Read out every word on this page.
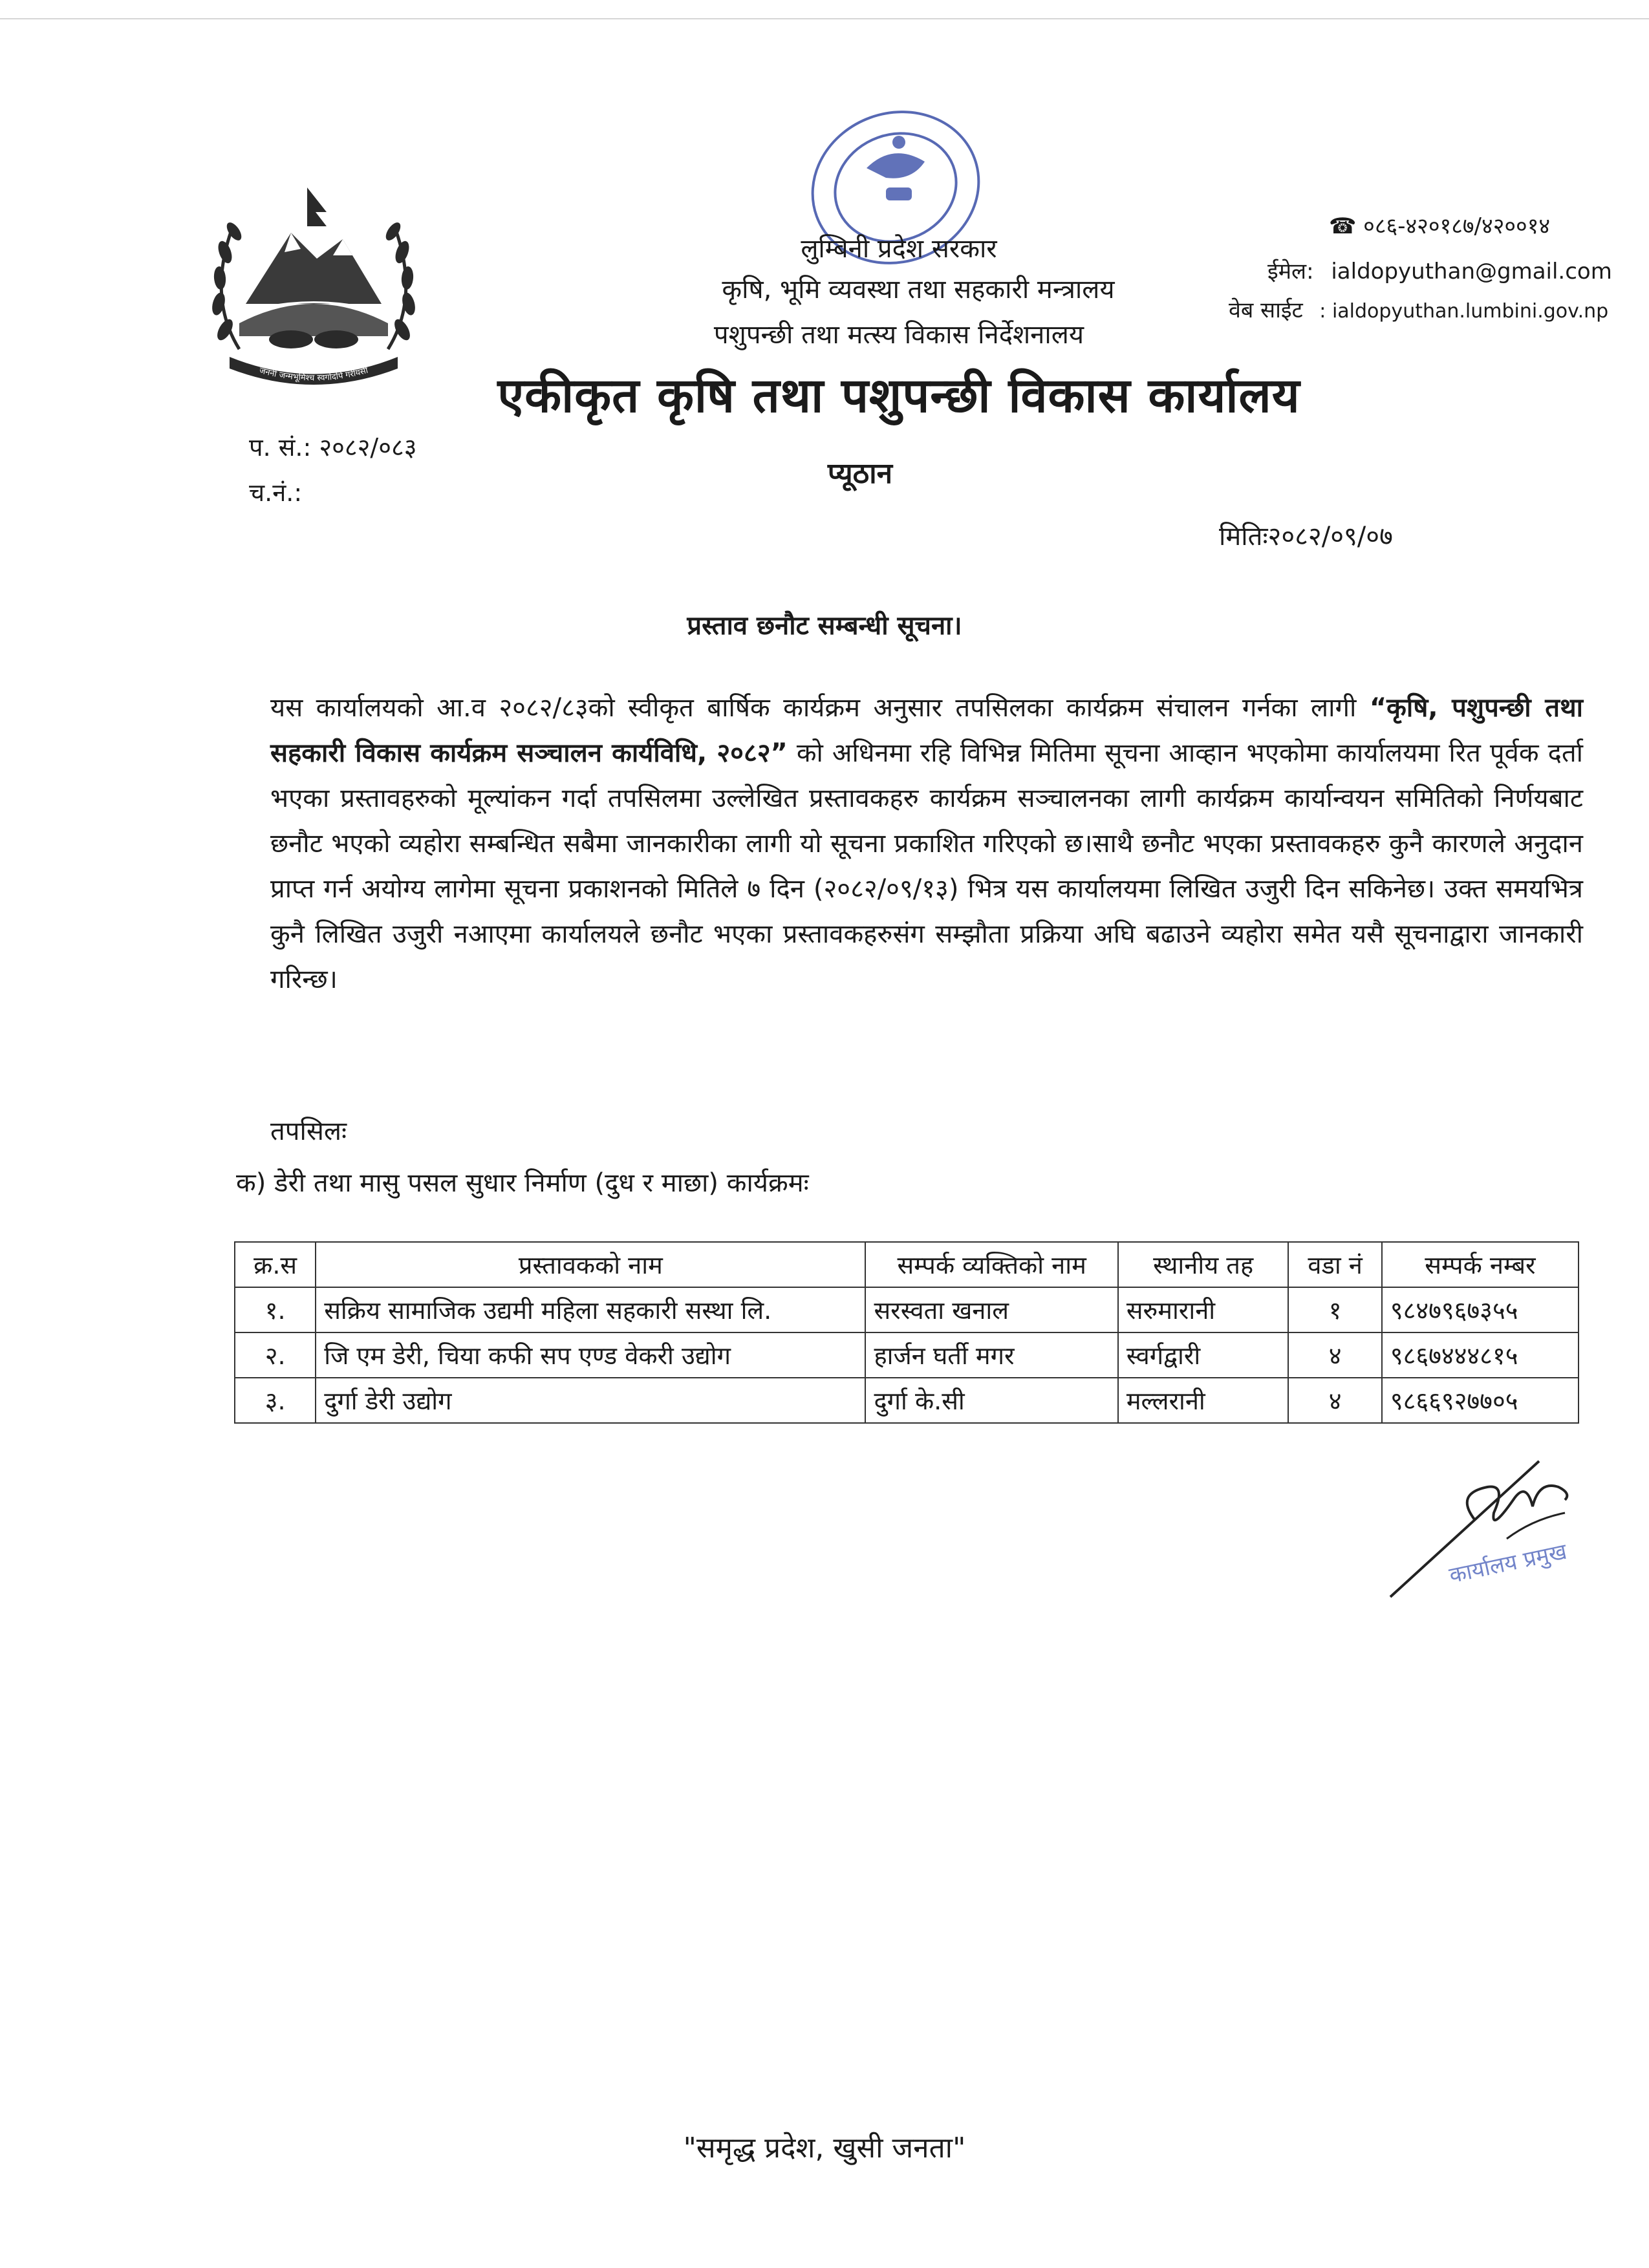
जननी जन्मभूमिश्च स्वर्गादपि गरीयसी
लुम्बिनी प्रदेश सरकार
कृषि, भूमि व्यवस्था तथा सहकारी मन्त्रालय
पशुपन्छी तथा मत्स्य विकास निर्देशनालय
एकीकृत कृषि तथा पशुपन्छी विकास कार्यालय
प्यूठान
☎ ०८६-४२०१८७/४२००१४
ईमेल: ialdopyuthan@gmail.com
वेब साईट : ialdopyuthan.lumbini.gov.np
प. सं.: २०८२/०८३
च.नं.:
मितिः२०८२/०९/०७
प्रस्ताव छनौट सम्बन्धी सूचना।
यस कार्यालयको आ.व २०८२/८३को स्वीकृत बार्षिक कार्यक्रम अनुसार तपसिलका कार्यक्रम संचालन गर्नका लागी “कृषि, पशुपन्छी तथा सहकारी विकास कार्यक्रम सञ्चालन कार्यविधि, २०८२” को अधिनमा रहि विभिन्न मितिमा सूचना आव्हान भएकोमा कार्यालयमा रित पूर्वक दर्ता भएका प्रस्तावहरुको मूल्यांकन गर्दा तपसिलमा उल्लेखित प्रस्तावकहरु कार्यक्रम सञ्चालनका लागी कार्यक्रम कार्यान्वयन समितिको निर्णयबाट छनौट भएको व्यहोरा सम्बन्धित सबैमा जानकारीका लागी यो सूचना प्रकाशित गरिएको छ।साथै छनौट भएका प्रस्तावकहरु कुनै कारणले अनुदान प्राप्त गर्न अयोग्य लागेमा सूचना प्रकाशनको मितिले ७ दिन (२०८२/०९/१३) भित्र यस कार्यालयमा लिखित उजुरी दिन सकिनेछ। उक्त समयभित्र कुनै लिखित उजुरी नआएमा कार्यालयले छनौट भएका प्रस्तावकहरुसंग सम्झौता प्रक्रिया अघि बढाउने व्यहोरा समेत यसै सूचनाद्वारा जानकारी गरिन्छ।
तपसिलः
क) डेरी तथा मासु पसल सुधार निर्माण (दुध र माछा) कार्यक्रमः
क्र.स	प्रस्तावकको नाम	सम्पर्क व्यक्तिको नाम	स्थानीय तह	वडा नं	सम्पर्क नम्बर
१.	सक्रिय सामाजिक उद्यमी महिला सहकारी सस्था लि.	सरस्वता खनाल	सरुमारानी	१	९८४७९६७३५५
२.	जि एम डेरी, चिया कफी सप एण्ड वेकरी उद्योग	हार्जन घर्ती मगर	स्वर्गद्वारी	४	९८६७४४४८१५
३.	दुर्गा डेरी उद्योग	दुर्गा के.सी	मल्लरानी	४	९८६६९२७७०५
कार्यालय प्रमुख
"समृद्ध प्रदेश, खुसी जनता"
